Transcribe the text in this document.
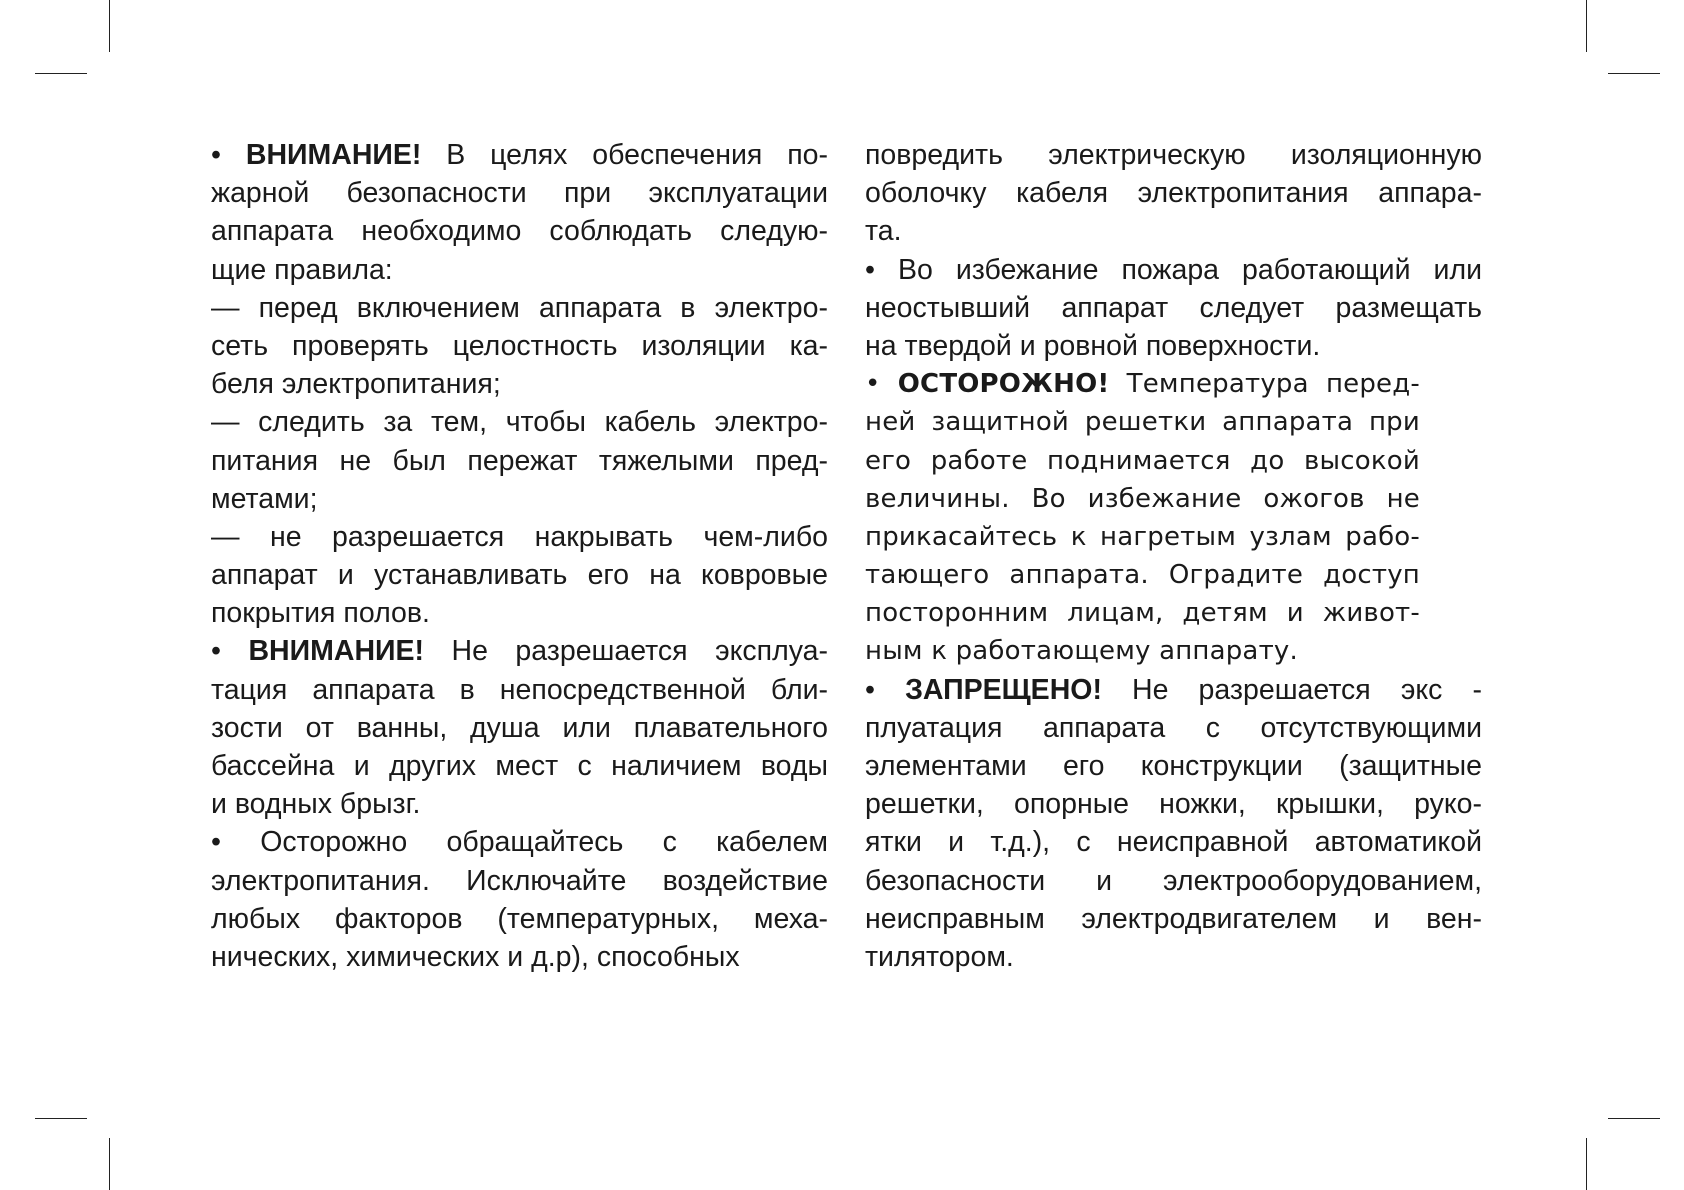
• ВНИМАНИЕ! В целях обеспечения по-
жарной безопасности при эксплуатации
аппарата необходимо соблюдать следую-
щие правила:
— перед включением аппарата в электро-
сеть проверять целостность изоляции ка-
беля электропитания;
— следить за тем, чтобы кабель электро-
питания не был пережат тяжелыми пред-
метами;
— не разрешается накрывать чем-либо
аппарат и устанавливать его на ковровые
покрытия полов.
• ВНИМАНИЕ! Не разрешается эксплуа-
тация аппарата в непосредственной бли-
зости от ванны, душа или плавательного
бассейна и других мест с наличием воды
и водных брызг.
• Осторожно обращайтесь с кабелем
электропитания. Исключайте воздействие
любых факторов (температурных, меха-
нических, химических и д.р), способных
повредить электрическую изоляционную
оболочку кабеля электропитания аппара-
та.
• Во избежание пожара работающий или
неостывший аппарат следует размещать
на твердой и ровной поверхности.
• ОСТОРОЖНО! Температура перед-
ней защитной решетки аппарата при
его работе поднимается до высокой
величины. Во избежание ожогов не
прикасайтесь к нагретым узлам рабо-
тающего аппарата. Оградите доступ
посторонним лицам, детям и живот-
ным к работающему аппарату.
• ЗАПРЕЩЕНО! Не разрешается экс -
плуатация аппарата с отсутствующими
элементами его конструкции (защитные
решетки, опорные ножки, крышки, руко-
ятки и т.д.), с неисправной автоматикой
безопасности и электрооборудованием,
неисправным электродвигателем и вен-
тилятором.
